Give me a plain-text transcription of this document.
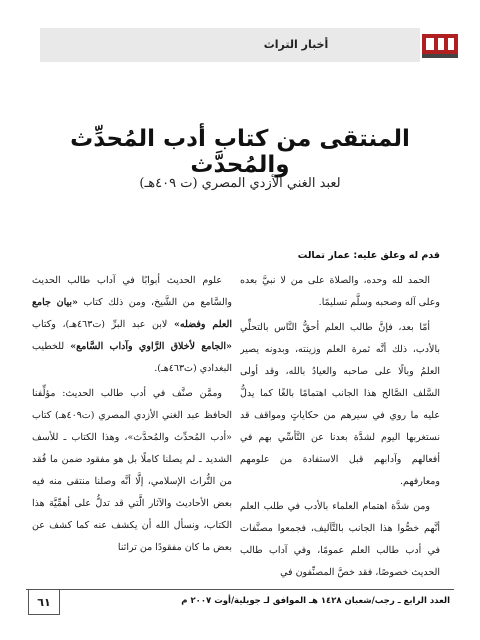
أخبار التراث
المنتقى من كتاب أدب المُحدِّث والمُحدَّث
لعبد الغني الأزدي المصري (ت ٤٠٩هـ)
قدم له وعلق عليه: عمار تمالت

الحمد لله وحده، والصلاة على من لا نبيَّ بعده وعلى آله وصحبه وسلَّم تسليمًا.

أمّا بعد، فإنَّ طالب العلم أحقُّ النَّاس بالتحلِّي بالأدب، ذلك أنَّه ثمرة العلم وزينته، وبدونه يصير العلمُ وبالًا على صاحبه والعيادُ بالله، وقد أولى السَّلف الصَّالح هذا الجانب اهتمامًا بالغًا كما يدلُّ عليه ما روي في سيرهم من حكاياتٍ ومواقف قد نستغربها اليوم لشدَّة بعدنا عن التَّأسِّي بهم في أفعالهم وآدابهم قبل الاستفادة من علومهم ومعارفهم.

ومن شدَّة اهتمام العلماء بالأدب في طلب العلم أنَّهم خصُّوا هذا الجانب بالتَّآليف، فجمعوا مصنَّفات في أدب طالب العلم عمومًا، وفي آداب طالب الحديث خصوصًا، فقد خصَّ المصنِّفون في

علوم الحديث أبوابًا في آداب طالب الحديث والسَّامع من الشَّيخ، ومن ذلك كتاب «بيان جامع العلم وفضله» لابن عبد البرِّ (ت٤٦٣هـ)، وكتاب «الجامع لأخلاق الرَّاوي وآداب السَّامع» للخطيب البغدادي (ت٤٦٣هـ).

وممَّن صنَّف في أدب طالب الحديث: مؤلِّفنا الحافظ عبد الغني الأزدي المصري (ت٤٠٩هـ) كتاب «أدب المُحدِّث والمُحدَّث»، وهذا الكتاب ـ للأسف الشديد ـ لم يصلنا كاملًا بل هو مفقود ضمن ما فُقد من التُّراث الإسلامي، إلَّا أنَّه وصلنا منتقى منه فيه بعض الأحاديث والآثار الَّتي قد تدلُّ على أهمِّيَّة هذا الكتاب، ونسأل الله أن يكشف عنه كما كشف عن بعض ما كان مفقودًا من تراثنا

العدد الرابع ـ رجب/شعبان ١٤٢٨ هـ الموافق لـ جويلية/أوت ٢٠٠٧ م
٦١
